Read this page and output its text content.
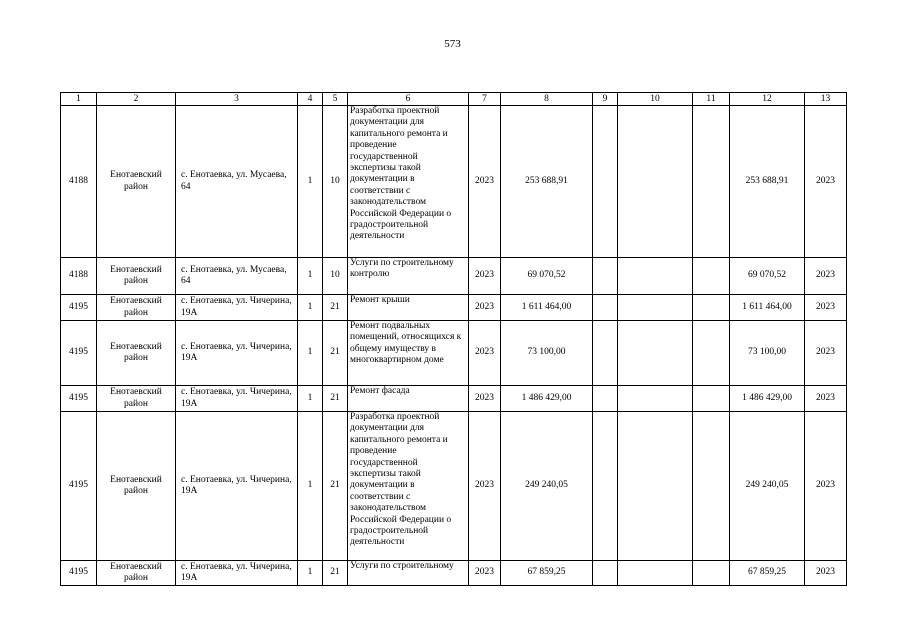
573
1	2	3	4	5	6	7	8	9	10	11	12	13
4188	Енотаевский район	с. Енотаевка, ул. Мусаева, 64	1	10	Разработка проектной документации для капитального ремонта и проведение государственной экспертизы такой документации в соответствии с законодательством Российской Федерации о градостроительной деятельности	2023	253 688,91				253 688,91	2023
4188	Енотаевский район	с. Енотаевка, ул. Мусаева, 64	1	10	Услуги по строительному контролю	2023	69 070,52				69 070,52	2023
4195	Енотаевский район	с. Енотаевка, ул. Чичерина, 19А	1	21	Ремонт крыши	2023	1 611 464,00				1 611 464,00	2023
4195	Енотаевский район	с. Енотаевка, ул. Чичерина, 19А	1	21	Ремонт подвальных помещений, относящихся к общему имуществу в многоквартирном доме	2023	73 100,00				73 100,00	2023
4195	Енотаевский район	с. Енотаевка, ул. Чичерина, 19А	1	21	Ремонт фасада	2023	1 486 429,00				1 486 429,00	2023
4195	Енотаевский район	с. Енотаевка, ул. Чичерина, 19А	1	21	Разработка проектной документации для капитального ремонта и проведение государственной экспертизы такой документации в соответствии с законодательством Российской Федерации о градостроительной деятельности	2023	249 240,05				249 240,05	2023
4195	Енотаевский район	с. Енотаевка, ул. Чичерина, 19А	1	21	Услуги по строительному	2023	67 859,25				67 859,25	2023
